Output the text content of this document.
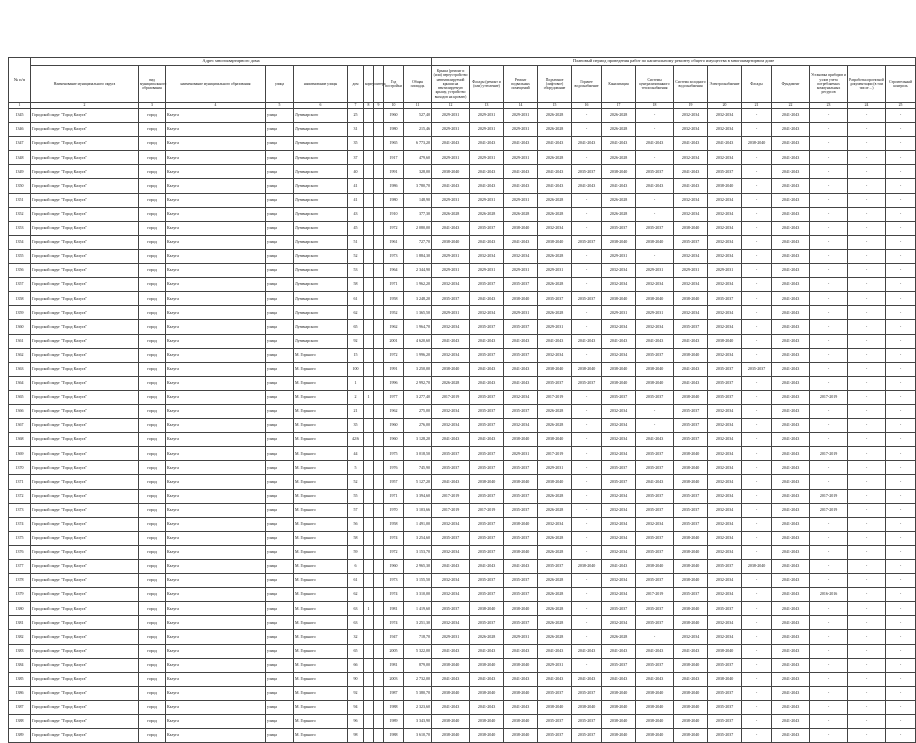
№ п/п	Адрес многоквартирного дома										Плановый период проведения работ по капитальному ремонту общего имущества в многоквартирном доме													
	Наименование муниципального округа	вид муниципального образования	наименование муниципального образования	улица	наименование улицы	дом	корпус	литера	Год постройки	Общая площадь	Крыша (ремонт и (или) переустройство невентилируемой крыши на вентилируемую крышу, устройство выходов на кровлю)	Фасады (ремонт и (или) утепление)	Ремонт подвальных помещений	Подъемное (лифтовое) оборудование	Горячее водоснабжение	Канализация	Системы централизованного теплоснабжения	Система холодного водоснабжения	Электроснабжение	Фасады	Фундамент	Установка приборов и узлов учета потребляемых коммунальных ресурсов	Разработка проектной документации (в том числе ...)	Строительный контроль
1	2	3	4	5	6	7	8	9	10	11	12	13	14	15	16	17	18	19	20	21	22	23	24	25
1345	Городской округ "Город Калуга"	город	Калуга	улица	Луначарского	25			1960	527,40	2029-2031	2029-2031	2029-2031	2026-2028	-	2026-2028	-	2032-2034	2032-2034	-	2041-2043	-	-	-
1346	Городской округ "Город Калуга"	город	Калуга	улица	Луначарского	31			1980	215,46	2029-2031	2029-2031	2029-2031	2026-2028	-	2026-2028	-	2032-2034	2032-2034	-	2041-2043	-	-	-
1347	Городской округ "Город Калуга"	город	Калуга	улица	Луначарского	35			1965	6 773,20	2041-2043	2041-2043	2041-2043	2041-2043	2041-2043	2041-2043	2041-2043	2041-2043	2041-2043	2038-2040	2041-2043	-	-	-
1348	Городской округ "Город Калуга"	город	Калуга	улица	Луначарского	37			1917	479,60	2029-2031	2029-2031	2029-2031	2026-2028	-	2026-2028	-	2032-2034	2032-2034	-	2041-2043	-	-	-
1349	Городской округ "Город Калуга"	город	Калуга	улица	Луначарского	40			1991	328,00	2038-2040	2041-2043	2041-2043	2041-2043	2035-2037	2038-2040	2035-2037	2041-2043	2035-2037	-	2041-2043	-	-	-
1350	Городской округ "Город Калуга"	город	Калуга	улица	Луначарского	41			1986	3 780,70	2041-2043	2041-2043	2041-2043	2041-2043	2041-2043	2041-2043	2041-2043	2041-2043	2038-2040	-	2041-2043	-	-	-
1351	Городской округ "Город Калуга"	город	Калуга	улица	Луначарского	41			1980	148,90	2029-2031	2029-2031	2029-2031	2026-2028	-	2026-2028	-	2032-2034	2032-2034	-	2041-2043	-	-	-
1352	Городской округ "Город Калуга"	город	Калуга	улица	Луначарского	43			1910	377,30	2026-2028	2026-2028	2026-2028	2026-2028	-	2026-2028	-	2032-2034	2032-2034	-	2041-2043	-	-	-
1353	Городской округ "Город Калуга"	город	Калуга	улица	Луначарского	45			1972	2 080,00	2041-2043	2035-2037	2038-2040	2032-2034	-	2035-2037	2035-2037	2038-2040	2032-2034	-	2041-2043	-	-	-
1354	Городской округ "Город Калуга"	город	Калуга	улица	Луначарского	51			1961	727,70	2038-2040	2041-2043	2041-2043	2038-2040	2035-2037	2038-2040	2038-2040	2035-2037	2032-2034	-	2041-2043	-	-	-
1355	Городской округ "Город Калуга"	город	Калуга	улица	Луначарского	52			1973	1 884,30	2029-2031	2032-2034	2032-2034	2026-2028	-	2029-2031	-	2032-2034	2032-2034	-	2041-2043	-	-	-
1356	Городской округ "Город Калуга"	город	Калуга	улица	Луначарского	53			1964	2 344,90	2029-2031	2029-2031	2029-2031	2029-2031	-	2032-2034	2029-2031	2029-2031	2029-2031	-	2041-2043	-	-	-
1357	Городской округ "Город Калуга"	город	Калуга	улица	Луначарского	58			1971	1 962,20	2032-2034	2035-2037	2035-2037	2026-2028	-	2032-2034	2032-2034	2032-2034	2032-2034	-	2041-2043	-	-	-
1358	Городской округ "Город Калуга"	город	Калуга	улица	Луначарского	61			1958	3 248,20	2035-2037	2041-2043	2038-2040	2035-2037	2035-2037	2038-2040	2038-2040	2038-2040	2035-2037	-	2041-2043	-	-	-
1359	Городской округ "Город Калуга"	город	Калуга	улица	Луначарского	62			1952	1 365,50	2029-2031	2032-2034	2029-2031	2026-2028	-	2029-2031	2029-2031	2032-2034	2032-2034	-	2041-2043	-	-	-
1360	Городской округ "Город Калуга"	город	Калуга	улица	Луначарского	65			1962	1 964,70	2032-2034	2035-2037	2035-2037	2029-2031	-	2032-2034	2032-2034	2035-2037	2032-2034	-	2041-2043	-	-	-
1361	Городской округ "Город Калуга"	город	Калуга	улица	Луначарского	92			2001	4 620,60	2041-2043	2041-2043	2041-2043	2041-2043	2041-2043	2041-2043	2041-2043	2041-2043	2038-2040	-	2041-2043	-	-	-
1362	Городской округ "Город Калуга"	город	Калуга	улица	М. Горького	15			1972	1 996,20	2032-2034	2035-2037	2035-2037	2032-2034	-	2032-2034	2035-2037	2038-2040	2032-2034	-	2041-2043	-	-	-
1363	Городской округ "Город Калуга"	город	Калуга	улица	М. Горького	100			1991	3 250,00	2038-2040	2041-2043	2041-2043	2038-2040	2038-2040	2038-2040	2038-2040	2041-2043	2035-2037	2035-2037	2041-2043	-	-	-
1364	Городской округ "Город Калуга"	город	Калуга	улица	М. Горького	1			1996	2 992,70	2026-2028	2041-2043	2041-2043	2035-2037	2035-2037	2038-2040	2038-2040	2041-2043	2035-2037	-	2041-2043	-	-	-
1365	Городской округ "Город Калуга"	город	Калуга	улица	М. Горького	2	1		1977	3 277,40	2017-2019	2035-2037	2032-2034	2017-2019	-	2035-2037	2035-2037	2038-2040	2035-2037	-	2041-2043	2017-2019	-	-
1366	Городской округ "Город Калуга"	город	Калуга	улица	М. Горького	21			1962	275,00	2032-2034	2035-2037	2035-2037	2026-2028	-	2032-2034	-	2035-2037	2032-2034	-	2041-2043	-	-	-
1367	Городской округ "Город Калуга"	город	Калуга	улица	М. Горького	35			1960	276,00	2032-2034	2035-2037	2032-2034	2026-2028	-	2032-2034	-	2035-2037	2032-2034	-	2041-2043	-	-	-
1368	Городской округ "Город Калуга"	город	Калуга	улица	М. Горького	42/6			1960	3 128,20	2041-2043	2041-2043	2038-2040	2038-2040	-	2032-2034	2041-2043	2035-2037	2032-2034	-	2041-2043	-	-	-
1369	Городской округ "Город Калуга"	город	Калуга	улица	М. Горького	44			1975	3 018,50	2035-2037	2035-2037	2029-2031	2017-2019	-	2032-2034	2035-2037	2038-2040	2032-2034	-	2041-2043	2017-2019	-	-
1370	Городской округ "Город Калуга"	город	Калуга	улица	М. Горького	5			1976	745,90	2035-2037	2035-2037	2035-2037	2029-2031	-	2035-2037	2035-2037	2038-2040	2032-2034	-	2041-2043	-	-	-
1371	Городской округ "Город Калуга"	город	Калуга	улица	М. Горького	52			1957	5 127,20	2041-2043	2038-2040	2038-2040	2038-2040	-	2035-2037	2041-2043	2038-2040	2032-2034	-	2041-2043	-	-	-
1372	Городской округ "Город Калуга"	город	Калуга	улица	М. Горького	55			1971	3 394,60	2017-2019	2035-2037	2035-2037	2026-2028	-	2032-2034	2035-2037	2035-2037	2032-2034	-	2041-2043	2017-2019	-	-
1373	Городской округ "Город Калуга"	город	Калуга	улица	М. Горького	57			1970	3 103,66	2017-2019	2017-2019	2035-2037	2026-2028	-	2032-2034	2035-2037	2035-2037	2032-2034	-	2041-2043	2017-2019	-	-
1374	Городской округ "Город Калуга"	город	Калуга	улица	М. Горького	56			1958	1 491,00	2032-2034	2035-2037	2038-2040	2032-2034	-	2032-2034	2032-2034	2035-2037	2032-2034	-	2041-2043	-	-	-
1375	Городской округ "Город Калуга"	город	Калуга	улица	М. Горького	58			1974	3 254,60	2035-2037	2035-2037	2035-2037	2026-2028	-	2032-2034	2035-2037	2038-2040	2032-2034	-	2041-2043	-	-	-
1376	Городской округ "Город Калуга"	город	Калуга	улица	М. Горького	59			1972	3 153,70	2032-2034	2035-2037	2038-2040	2026-2028	-	2032-2034	2035-2037	2038-2040	2032-2034	-	2041-2043	-	-	-
1377	Городской округ "Город Калуга"	город	Калуга	улица	М. Горького	6			1960	2 965,30	2041-2043	2041-2043	2041-2043	2035-2037	2038-2040	2041-2043	2038-2040	2038-2040	2035-2037	2038-2040	2041-2043	-	-	-
1378	Городской округ "Город Калуга"	город	Калуга	улица	М. Горького	61			1973	3 155,50	2032-2034	2035-2037	2035-2037	2026-2028	-	2032-2034	2035-2037	2038-2040	2032-2034	-	2041-2043	-	-	-
1379	Городской округ "Город Калуга"	город	Калуга	улица	М. Горького	62			1974	3 310,00	2032-2034	2035-2037	2035-2037	2026-2028	-	2032-2034	2017-2019	2035-2037	2032-2034	-	2041-2043	2016-2016	-	-
1380	Городской округ "Город Калуга"	город	Калуга	улица	М. Горького	63	1		1981	1 419,60	2035-2037	2038-2040	2038-2040	2026-2028	-	2035-2037	2035-2037	2038-2040	2035-2037	-	2041-2043	-	-	-
1381	Городской округ "Город Калуга"	город	Калуга	улица	М. Горького	63			1974	3 251,30	2032-2034	2035-2037	2035-2037	2026-2028	-	2032-2034	2035-2037	2038-2040	2032-2034	-	2041-2043	-	-	-
1382	Городской округ "Город Калуга"	город	Калуга	улица	М. Горького	32			1947	718,70	2029-2031	2026-2028	2029-2031	2026-2028	-	2026-2028	-	2032-2034	2032-2034	-	2041-2043	-	-	-
1383	Городской округ "Город Калуга"	город	Калуга	улица	М. Горького	65			2005	5 322,00	2041-2043	2041-2043	2041-2043	2041-2043	2041-2043	2041-2043	2041-2043	2041-2043	2038-2040	-	2041-2043	-	-	-
1384	Городской округ "Город Калуга"	город	Калуга	улица	М. Горького	66			1981	879,00	2038-2040	2038-2040	2038-2040	2029-2031	-	2035-2037	2035-2037	2038-2040	2035-2037	-	2041-2043	-	-	-
1385	Городской округ "Город Калуга"	город	Калуга	улица	М. Горького	90			2003	2 732,00	2041-2043	2041-2043	2041-2043	2041-2043	2041-2043	2041-2043	2041-2043	2041-2043	2038-2040	-	2041-2043	-	-	-
1386	Городской округ "Город Калуга"	город	Калуга	улица	М. Горького	92			1987	5 380,70	2038-2040	2038-2040	2038-2040	2035-2037	2035-2037	2038-2040	2038-2040	2038-2040	2035-2037	-	2041-2043	-	-	-
1387	Городской округ "Город Калуга"	город	Калуга	улица	М. Горького	94			1988	2 323,60	2041-2043	2041-2043	2041-2043	2038-2040	2038-2040	2038-2040	2038-2040	2038-2040	2035-2037	-	2041-2043	-	-	-
1388	Городской округ "Город Калуга"	город	Калуга	улица	М. Горького	96			1989	3 343,90	2038-2040	2038-2040	2038-2040	2035-2037	2035-2037	2038-2040	2038-2040	2038-2040	2035-2037	-	2041-2043	-	-	-
1389	Городской округ "Город Калуга"	город	Калуга	улица	М. Горького	98			1988	3 610,70	2038-2040	2038-2040	2038-2040	2035-2037	2035-2037	2038-2040	2038-2040	2038-2040	2035-2037	-	2041-2043	-	-	-
